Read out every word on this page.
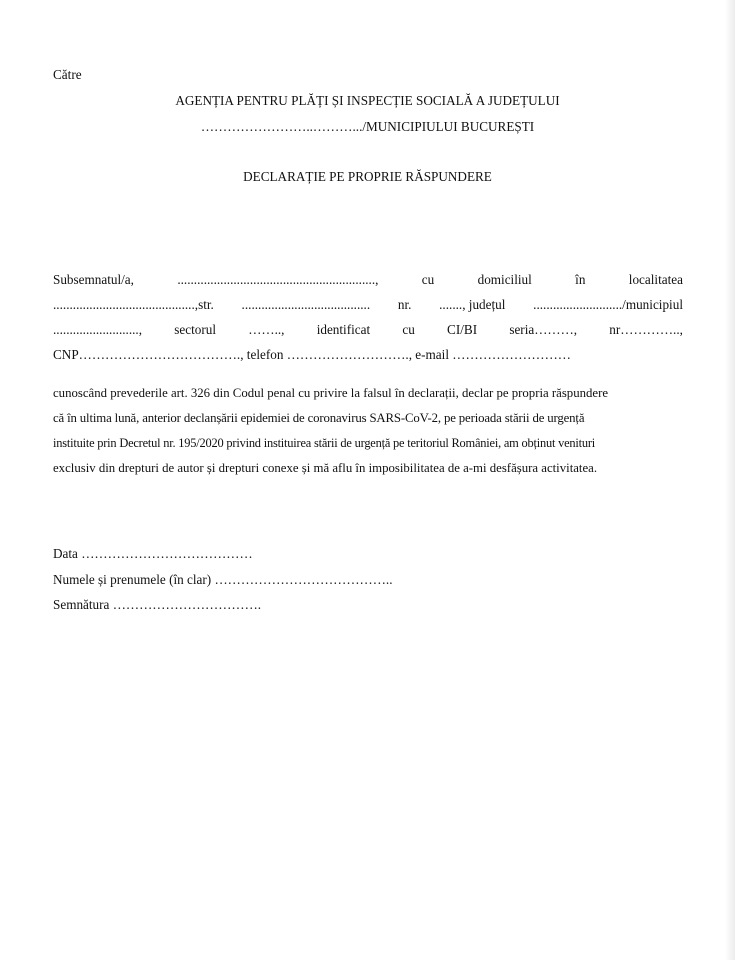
Către
AGENȚIA PENTRU PLĂȚI ȘI INSPECȚIE SOCIALĂ A JUDEȚULUI
……………………..……….../MUNICIPIULUI BUCUREȘTI
DECLARAȚIE PE PROPRIE RĂSPUNDERE
Subsemnatul/a,	............................................................,	cu	domiciliul	în	localitatea
...........................................,str. ....................................... nr. ......., județul .........................../municipiul
.........................., sectorul …….., identificat cu CI/BI seria………, nr…………..,
CNP………………………………., telefon ………………………., e-mail ………………………
cunoscând prevederile art. 326 din Codul penal cu privire la falsul în declarații, declar pe propria răspundere
că în ultima lună, anterior declanșării epidemiei de coronavirus SARS-CoV-2, pe perioada stării de urgență
instituite prin Decretul nr. 195/2020 privind instituirea stării de urgență pe teritoriul României, am obținut venituri
exclusiv din drepturi de autor și drepturi conexe și mă aflu în imposibilitatea de a-mi desfășura activitatea.
Data …………………………………
Numele și prenumele (în clar) …………………………………..
Semnătura …………………………….
